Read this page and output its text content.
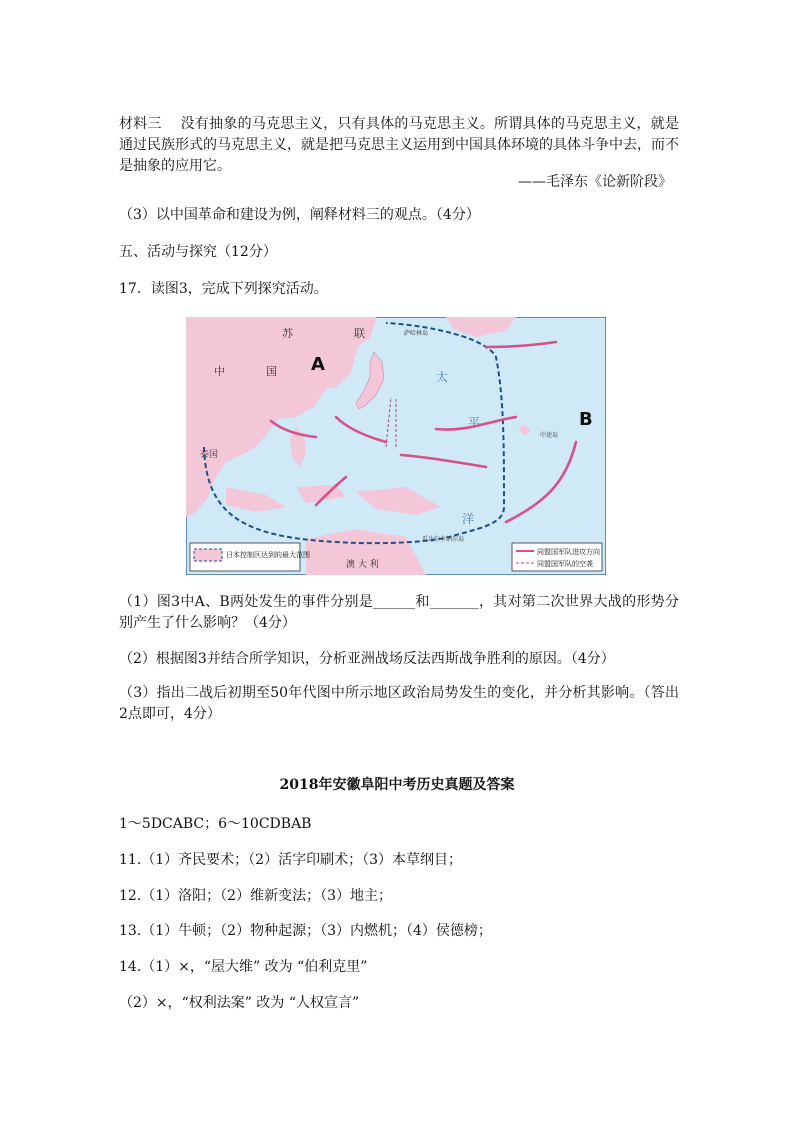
材料三　 没有抽象的马克思主义，只有具体的马克思主义。所谓具体的马克思主义，就是通过民族形式的马克思主义，就是把马克思主义运用到中国具体环境的具体斗争中去，而不是抽象的应用它。
——毛泽东《论新阶段》
（3）以中国革命和建设为例，阐释材料三的观点。（4分）
五、活动与探究（12分）
17．读图3，完成下列探究活动。
苏	联
中	国 A
B
太
平
洋
泰国
澳 大 利
瓜达尔卡纳尔岛
中途岛
萨哈林岛
日本控制区达到的最大范围	同盟国军队进攻方向
同盟国军队的空袭
（1）图3中A、B两处发生的事件分别是______和_______，其对第二次世界大战的形势分别产生了什么影响？（4分）
（2）根据图3并结合所学知识，分析亚洲战场反法西斯战争胜利的原因。（4分）
（3）指出二战后初期至50年代图中所示地区政治局势发生的变化，并分析其影响。（答出2点即可，4分）
2018年安徽阜阳中考历史真题及答案
1～5DCABC；6～10CDBAB
11.（1）齐民要术；（2）活字印刷术；（3）本草纲目；
12.（1）洛阳；（2）维新变法；（3）地主；
13.（1）牛顿；（2）物种起源；（3）内燃机；（4）侯德榜；
14.（1）×，“屋大维” 改为 “伯利克里”
（2）×，“权利法案” 改为 “人权宣言”
